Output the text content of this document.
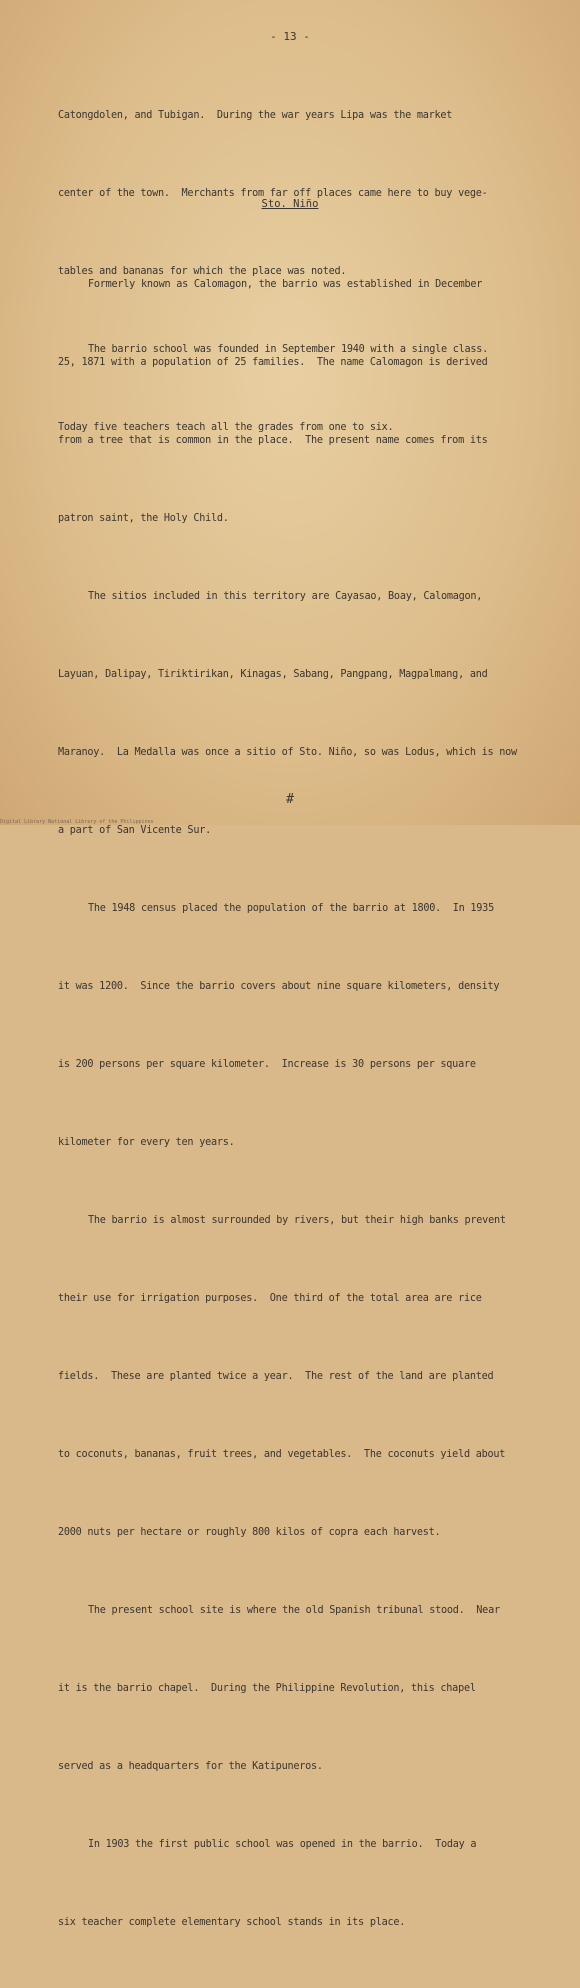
- 13 -

Catongdolen, and Tubigan.  During the war years Lipa was the market

center of the town.  Merchants from far off places came here to buy vege-

tables and bananas for which the place was noted.

The barrio school was founded in September 1940 with a single class.

Today five teachers teach all the grades from one to six.

Sto. Niño

Formerly known as Calomagon, the barrio was established in December

25, 1871 with a population of 25 families.  The name Calomagon is derived

from a tree that is common in the place.  The present name comes from its

patron saint, the Holy Child.

The sitios included in this territory are Cayasao, Boay, Calomagon,

Layuan, Dalipay, Tiriktirikan, Kinagas, Sabang, Pangpang, Magpalmang, and

Maranoy.  La Medalla was once a sitio of Sto. Niño, so was Lodus, which is now

a part of San Vicente Sur.

The 1948 census placed the population of the barrio at 1800.  In 1935

it was 1200.  Since the barrio covers about nine square kilometers, density

is 200 persons per square kilometer.  Increase is 30 persons per square

kilometer for every ten years.

The barrio is almost surrounded by rivers, but their high banks prevent

their use for irrigation purposes.  One third of the total area are rice

fields.  These are planted twice a year.  The rest of the land are planted

to coconuts, bananas, fruit trees, and vegetables.  The coconuts yield about

2000 nuts per hectare or roughly 800 kilos of copra each harvest.

The present school site is where the old Spanish tribunal stood.  Near

it is the barrio chapel.  During the Philippine Revolution, this chapel

served as a headquarters for the Katipuneros.

In 1903 the first public school was opened in the barrio.  Today a

six teacher complete elementary school stands in its place.

#
Digital Library National Library of the Philippines
